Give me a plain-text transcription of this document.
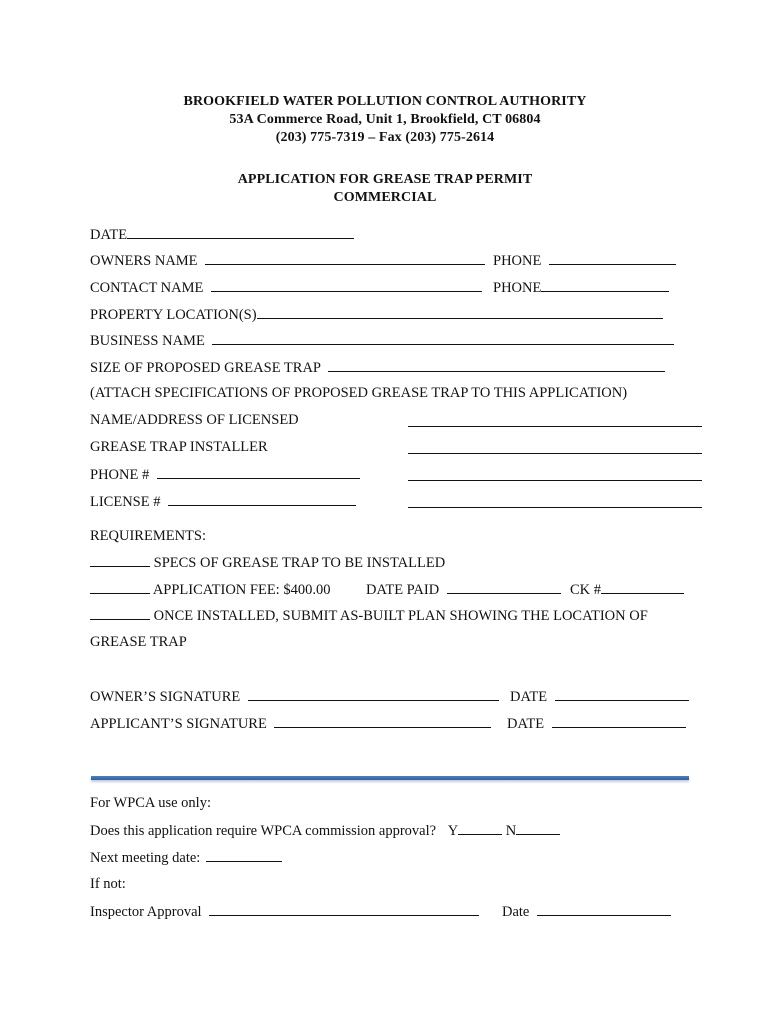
BROOKFIELD WATER POLLUTION CONTROL AUTHORITY
53A Commerce Road, Unit 1, Brookfield, CT 06804
(203) 775-7319 – Fax (203) 775-2614
APPLICATION FOR GREASE TRAP PERMIT
COMMERCIAL
DATE
OWNERS NAME	PHONE
CONTACT NAME	PHONE
PROPERTY LOCATION(S)
BUSINESS NAME
SIZE OF PROPOSED GREASE TRAP
(ATTACH SPECIFICATIONS OF PROPOSED GREASE TRAP TO THIS APPLICATION)
NAME/ADDRESS OF LICENSED
GREASE TRAP INSTALLER
PHONE #
LICENSE #
REQUIREMENTS:
SPECS OF GREASE TRAP TO BE INSTALLED
APPLICATION FEE: $400.00 DATE PAID	CK #
ONCE INSTALLED, SUBMIT AS-BUILT PLAN SHOWING THE LOCATION OF
GREASE TRAP
OWNER’S SIGNATURE	DATE
APPLICANT’S SIGNATURE	DATE
For WPCA use only:
Does this application require WPCA commission approval? Y	N
Next meeting date:
If not:
Inspector Approval	Date
